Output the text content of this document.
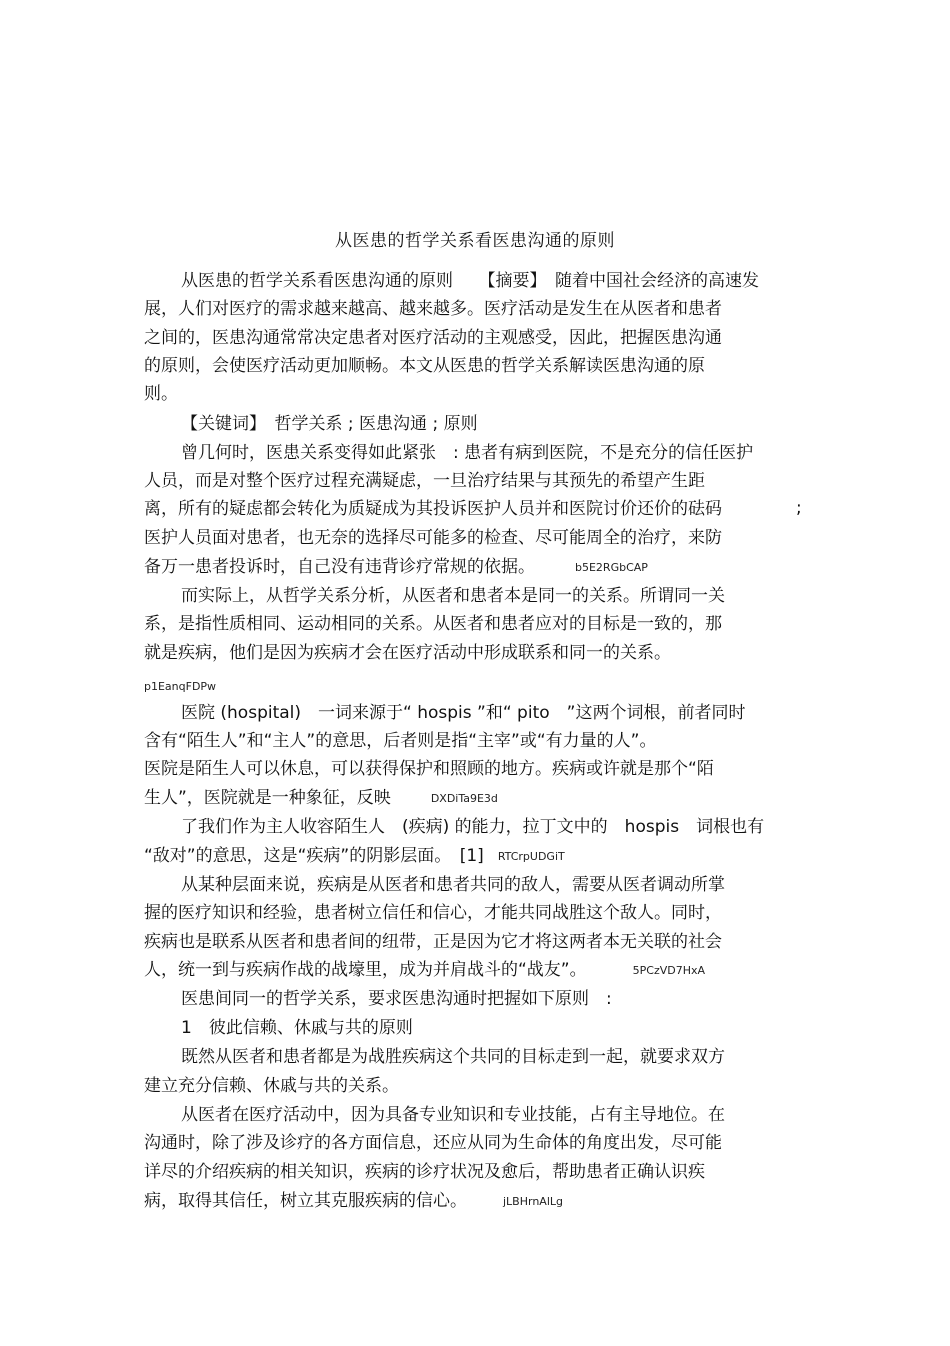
从医患的哲学关系看医患沟通的原则
从医患的哲学关系看医患沟通的原则　　【摘要】　随着中国社会经济的高速发
展，人们对医疗的需求越来越高、越来越多。医疗活动是发生在从医者和患者
之间的，医患沟通常常决定患者对医疗活动的主观感受，因此，把握医患沟通
的原则，会使医疗活动更加顺畅。本文从医患的哲学关系解读医患沟通的原
则。
【关键词】　哲学关系 ; 医患沟通 ; 原则
曾几何时，医患关系变得如此紧张　: 患者有病到医院，不是充分的信任医护
人员，而是对整个医疗过程充满疑虑，一旦治疗结果与其预先的希望产生距
离，所有的疑虑都会转化为质疑成为其投诉医护人员并和医院讨价还价的砝码	;
医护人员面对患者，也无奈的选择尽可能多的检查、尽可能周全的治疗，来防
备万一患者投诉时，自己没有违背诊疗常规的依据。	b5E2RGbCAP
而实际上，从哲学关系分析，从医者和患者本是同一的关系。所谓同一关
系，是指性质相同、运动相同的关系。从医者和患者应对的目标是一致的，那
就是疾病，他们是因为疾病才会在医疗活动中形成联系和同一的关系。
p1EanqFDPw
医院 (hospital)　一词来源于“ hospis ”和“ pito　”这两个词根，前者同时
含有“陌生人”和“主人”的意思，后者则是指“主宰”或“有力量的人”。
医院是陌生人可以休息，可以获得保护和照顾的地方。疾病或许就是那个“陌
生人”，医院就是一种象征，反映	DXDiTa9E3d
了我们作为主人收容陌生人　(疾病) 的能力，拉丁文中的　hospis　词根也有
“敌对”的意思，这是“疾病”的阴影层面。　[1] RTCrpUDGiT
从某种层面来说，疾病是从医者和患者共同的敌人，需要从医者调动所掌
握的医疗知识和经验，患者树立信任和信心，才能共同战胜这个敌人。同时，
疾病也是联系从医者和患者间的纽带，正是因为它才将这两者本无关联的社会
人，统一到与疾病作战的战壕里，成为并肩战斗的“战友”。	5PCzVD7HxA
医患间同一的哲学关系，要求医患沟通时把握如下原则　:
1　彼此信赖、休戚与共的原则
既然从医者和患者都是为战胜疾病这个共同的目标走到一起，就要求双方
建立充分信赖、休戚与共的关系。
从医者在医疗活动中，因为具备专业知识和专业技能，占有主导地位。在
沟通时，除了涉及诊疗的各方面信息，还应从同为生命体的角度出发，尽可能
详尽的介绍疾病的相关知识，疾病的诊疗状况及愈后，帮助患者正确认识疾
病，取得其信任，树立其克服疾病的信心。	jLBHrnAlLg
